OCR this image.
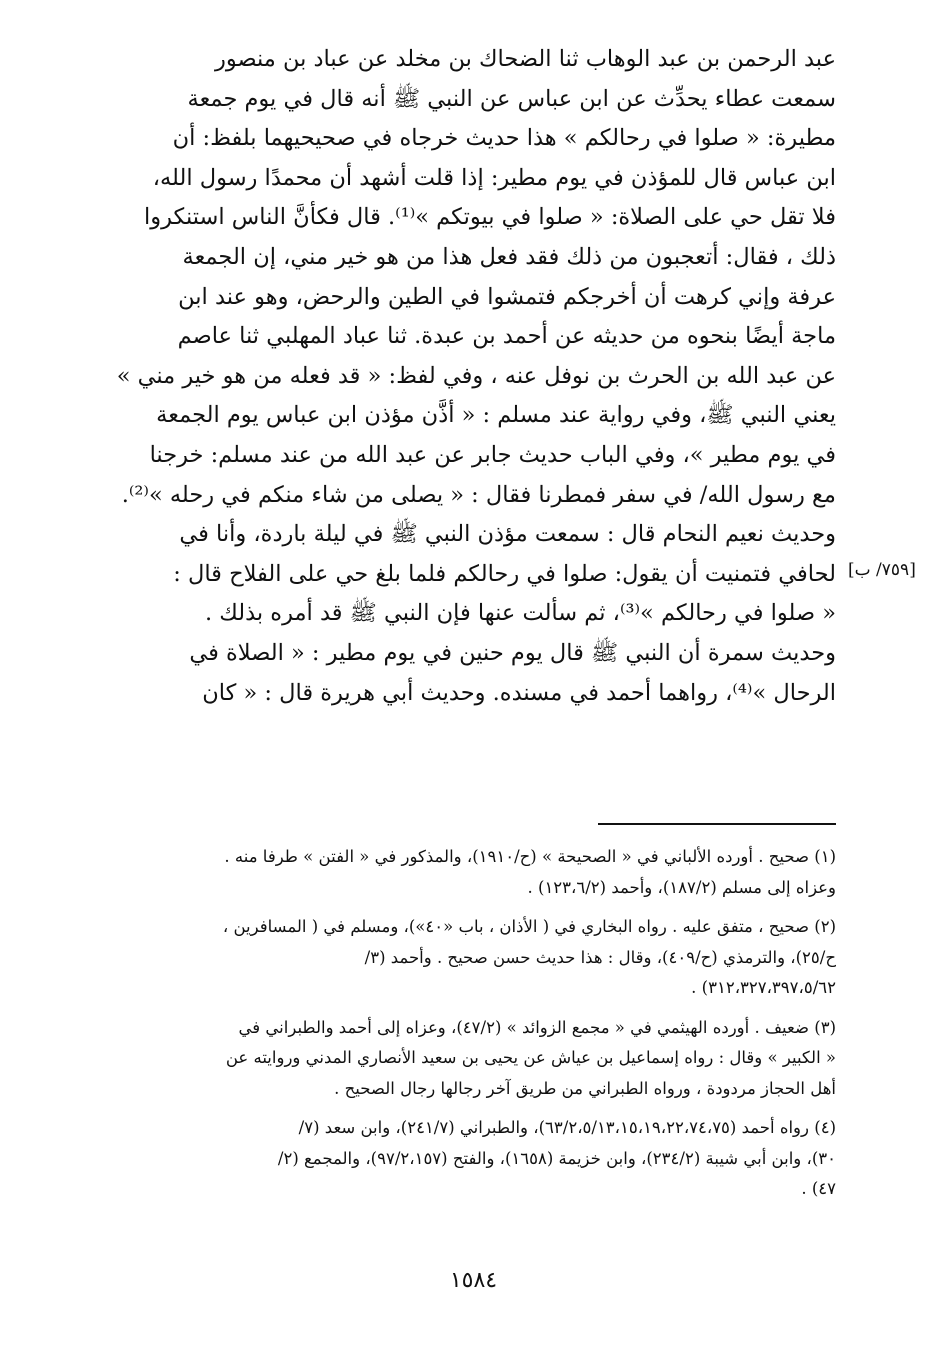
عبد الرحمن بن عبد الوهاب ثنا الضحاك بن مخلد عن عباد بن منصور
سمعت عطاء يحدِّث عن ابن عباس عن النبي ﷺ أنه قال في يوم جمعة
مطيرة: « صلوا في رحالكم » هذا حديث خرجاه في صحيحيهما بلفظ: أن
ابن عباس قال للمؤذن في يوم مطير: إذا قلت أشهد أن محمدًا رسول الله،
فلا تقل حي على الصلاة: « صلوا في بيوتكم »⁽¹⁾. قال فكأنَّ الناس استنكروا
ذلك ، فقال: أتعجبون من ذلك فقد فعل هذا من هو خير مني، إن الجمعة
عرفة وإني كرهت أن أخرجكم فتمشوا في الطين والرحض، وهو عند ابن
ماجة أيضًا بنحوه من حديثه عن أحمد بن عبدة. ثنا عباد المهلبي ثنا عاصم
عن عبد الله بن الحرث بن نوفل عنه ، وفي لفظ: « قد فعله من هو خير مني »
يعني النبي ﷺ، وفي رواية عند مسلم : « أذَّن مؤذن ابن عباس يوم الجمعة
في يوم مطير »، وفي الباب حديث جابر عن عبد الله من عند مسلم: خرجنا
مع رسول الله/ في سفر فمطرنا فقال : « يصلى من شاء منكم في رحله »⁽²⁾.
وحديث نعيم النحام قال : سمعت مؤذن النبي ﷺ في ليلة باردة، وأنا في
لحافي فتمنيت أن يقول: صلوا في رحالكم فلما بلغ حي على الفلاح قال :
« صلوا في رحالكم »⁽³⁾، ثم سألت عنها فإن النبي ﷺ قد أمره بذلك .
وحديث سمرة أن النبي ﷺ قال يوم حنين في يوم مطير : « الصلاة في
الرحال »⁽⁴⁾، رواهما أحمد في مسنده. وحديث أبي هريرة قال : « كان
[٧٥٩/ ب]
(١) صحيح . أورده الألباني في « الصحيحة » (ح/١٩١٠)، والمذكور في « الفتن » طرفا منه .
وعزاه إلى مسلم (١٨٧/٢)، وأحمد (١٢٣،٦/٢) .
(٢) صحيح ، متفق عليه . رواه البخاري في ( الأذان ، باب «٤٠»)، ومسلم في ( المسافرين ،
ح/٢٥)، والترمذي (ح/٤٠٩)، وقال : هذا حديث حسن صحيح . وأحمد (٣/
٣١٢،٣٢٧،٣٩٧،٥/٦٢) .
(٣) ضعيف . أورده الهيثمي في « مجمع الزوائد » (٤٧/٢)، وعزاه إلى أحمد والطبراني في
« الكبير » وقال : رواه إسماعيل بن عياش عن يحيى بن سعيد الأنصاري المدني وروايته عن
أهل الحجاز مردودة ، ورواه الطبراني من طريق آخر رجالها رجال الصحيح .
(٤) رواه أحمد (٦٣/٢،٥/١٣،١٥،١٩،٢٢،٧٤،٧٥)، والطبراني (٢٤١/٧)، وابن سعد (٧/
٣٠)، وابن أبي شيبة (٢٣٤/٢)، وابن خزيمة (١٦٥٨)، والفتح (٩٧/٢،١٥٧)، والمجمع (٢/
٤٧) .
١٥٨٤
